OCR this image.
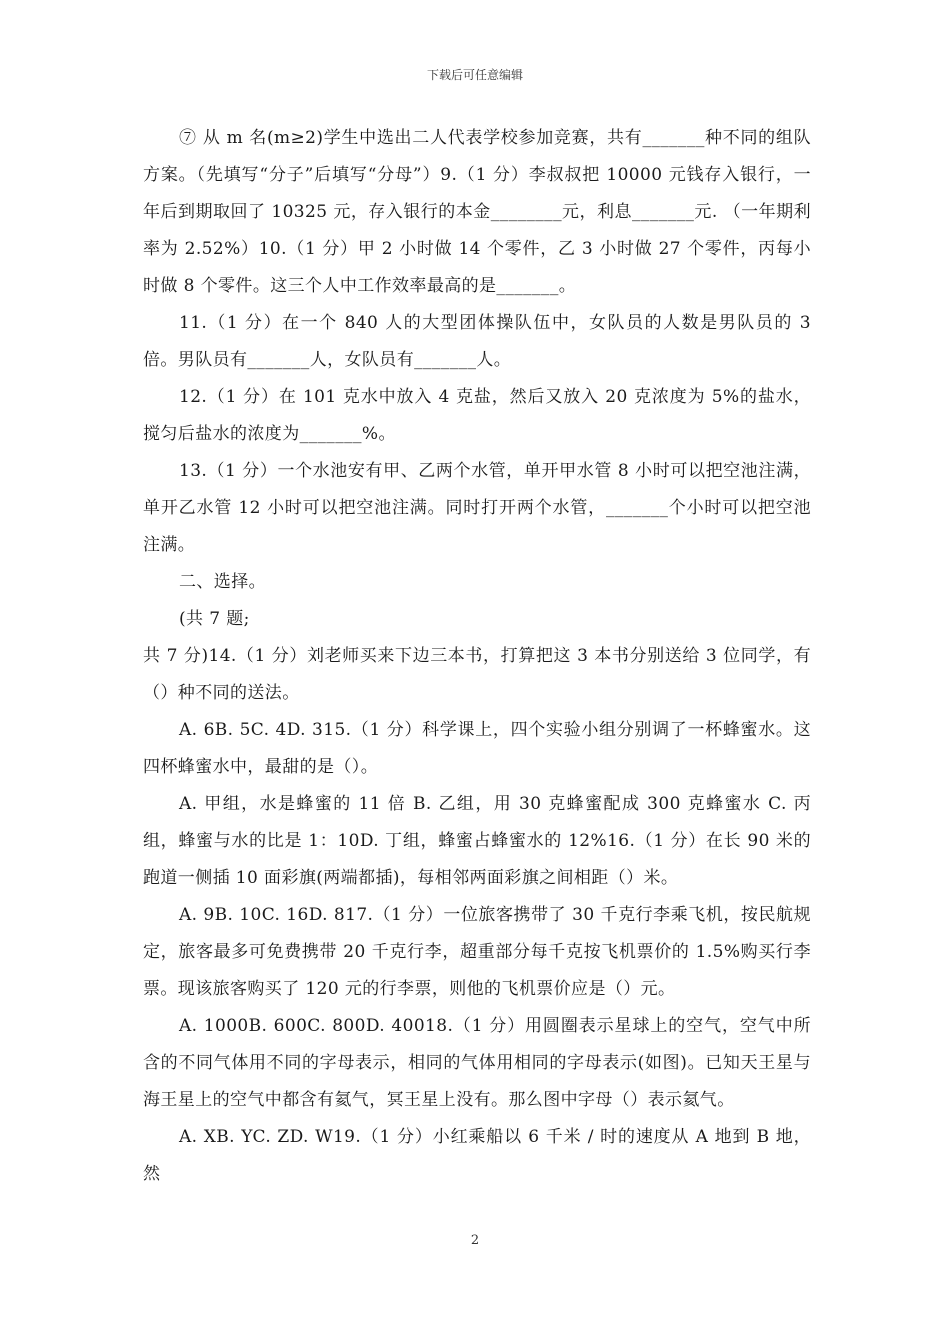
下载后可任意编辑

⑦ 从 m 名(m≥2)学生中选出二人代表学校参加竞赛，共有_______种不同的组队方案。（先填写“分子”后填写“分母”）9.（1 分）李叔叔把 10000 元钱存入银行，一年后到期取回了 10325 元，存入银行的本金________元，利息_______元. （一年期利率为 2.52%）10.（1 分）甲 2 小时做 14 个零件，乙 3 小时做 27 个零件，丙每小时做 8 个零件。这三个人中工作效率最高的是_______。

11.（1 分）在一个 840 人的大型团体操队伍中，女队员的人数是男队员的 3 倍。男队员有_______人，女队员有_______人。

12.（1 分）在 101 克水中放入 4 克盐，然后又放入 20 克浓度为 5%的盐水，搅匀后盐水的浓度为_______%。

13.（1 分）一个水池安有甲、乙两个水管，单开甲水管 8 小时可以把空池注满，单开乙水管 12 小时可以把空池注满。同时打开两个水管，_______个小时可以把空池注满。

二、选择。

(共 7 题;

共 7 分)14.（1 分）刘老师买来下边三本书，打算把这 3 本书分别送给 3 位同学，有（）种不同的送法。

A. 6B. 5C. 4D. 315.（1 分）科学课上，四个实验小组分别调了一杯蜂蜜水。这四杯蜂蜜水中，最甜的是（）。

A. 甲组，水是蜂蜜的 11 倍 B. 乙组，用 30 克蜂蜜配成 300 克蜂蜜水 C. 丙组，蜂蜜与水的比是 1：10D. 丁组，蜂蜜占蜂蜜水的 12%16.（1 分）在长 90 米的跑道一侧插 10 面彩旗(两端都插)，每相邻两面彩旗之间相距（）米。

A. 9B. 10C. 16D. 817.（1 分）一位旅客携带了 30 千克行李乘飞机，按民航规定，旅客最多可免费携带 20 千克行李，超重部分每千克按飞机票价的 1.5%购买行李票。现该旅客购买了 120 元的行李票，则他的飞机票价应是（）元。

A. 1000B. 600C. 800D. 40018.（1 分）用圆圈表示星球上的空气，空气中所含的不同气体用不同的字母表示，相同的气体用相同的字母表示(如图)。已知天王星与海王星上的空气中都含有氦气，冥王星上没有。那么图中字母（）表示氦气。

A. XB. YC. ZD. W19.（1 分）小红乘船以 6 千米 / 时的速度从 A 地到 B 地，然

2
